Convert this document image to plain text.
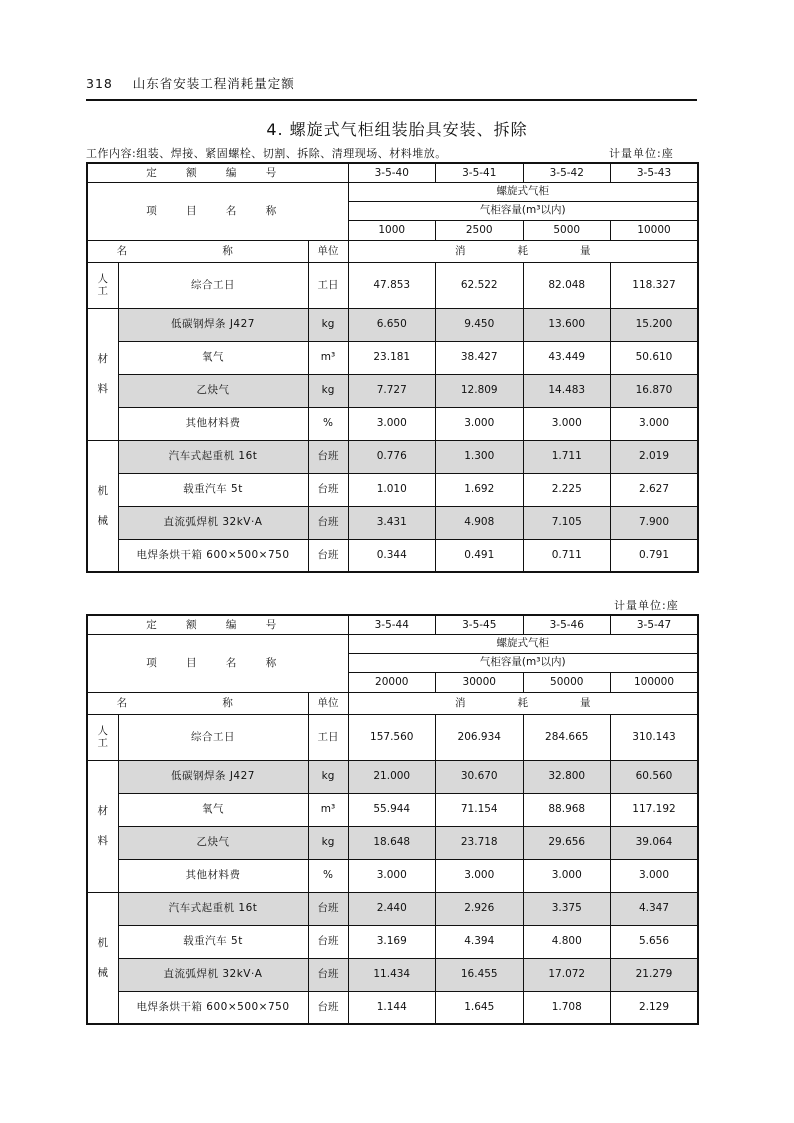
318 山东省安装工程消耗量定额
4. 螺旋式气柜组装胎具安装、拆除
工作内容:组装、焊接、紧固螺栓、切割、拆除、清理现场、材料堆放。	计量单位:座
定 额 编 号			3-5-40	3-5-41	3-5-42	3-5-43
项 目 名 称			螺旋式气柜			
			气柜容量(m³以内)			
			1000	2500	5000	10000
名 称		单位	消 耗 量			

人
工	综合工日	工日	47.853	62.522	82.048	118.327

材
料	低碳钢焊条 J427	kg	6.650	9.450	13.600	15.200
	氧气	m³	23.181	38.427	43.449	50.610
	乙炔气	kg	7.727	12.809	14.483	16.870
	其他材料费	%	3.000	3.000	3.000	3.000

机
械	汽车式起重机 16t	台班	0.776	1.300	1.711	2.019
	载重汽车 5t	台班	1.010	1.692	2.225	2.627
	直流弧焊机 32kV·A	台班	3.431	4.908	7.105	7.900
	电焊条烘干箱 600×500×750	台班	0.344	0.491	0.711	0.791
计量单位:座
定 额 编 号			3-5-44	3-5-45	3-5-46	3-5-47
项 目 名 称			螺旋式气柜			
			气柜容量(m³以内)			
			20000	30000	50000	100000
名 称		单位	消 耗 量			

人
工	综合工日	工日	157.560	206.934	284.665	310.143

材
料	低碳钢焊条 J427	kg	21.000	30.670	32.800	60.560
	氧气	m³	55.944	71.154	88.968	117.192
	乙炔气	kg	18.648	23.718	29.656	39.064
	其他材料费	%	3.000	3.000	3.000	3.000

机
械	汽车式起重机 16t	台班	2.440	2.926	3.375	4.347
	载重汽车 5t	台班	3.169	4.394	4.800	5.656
	直流弧焊机 32kV·A	台班	11.434	16.455	17.072	21.279
	电焊条烘干箱 600×500×750	台班	1.144	1.645	1.708	2.129
